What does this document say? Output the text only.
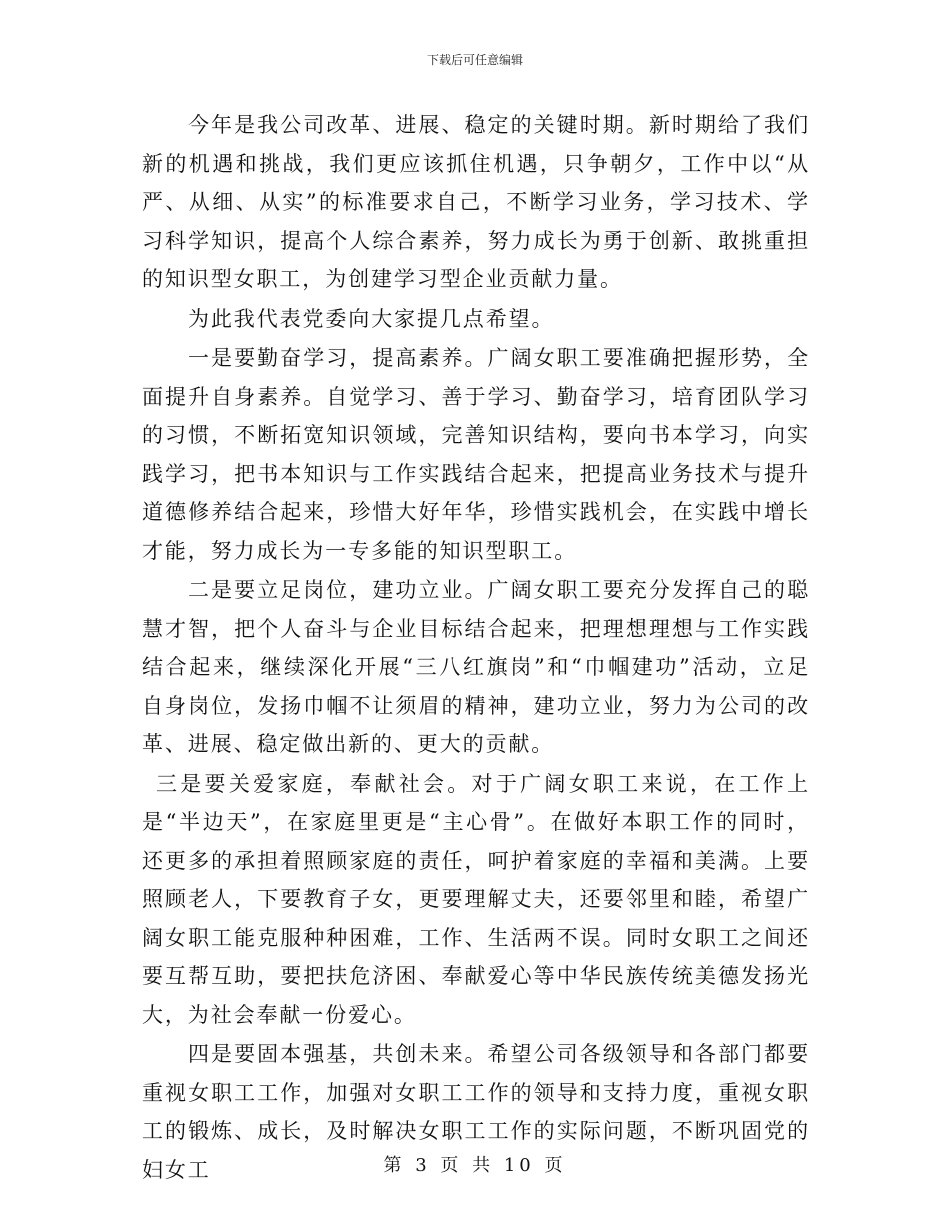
下载后可任意编辑

今年是我公司改革、进展、稳定的关键时期。新时期给了我们新的机遇和挑战，我们更应该抓住机遇，只争朝夕，工作中以“从严、从细、从实”的标准要求自己，不断学习业务，学习技术、学习科学知识，提高个人综合素养，努力成长为勇于创新、敢挑重担的知识型女职工，为创建学习型企业贡献力量。

为此我代表党委向大家提几点希望。

一是要勤奋学习，提高素养。广阔女职工要准确把握形势，全面提升自身素养。自觉学习、善于学习、勤奋学习，培育团队学习的习惯，不断拓宽知识领域，完善知识结构，要向书本学习，向实践学习，把书本知识与工作实践结合起来，把提高业务技术与提升道德修养结合起来，珍惜大好年华，珍惜实践机会，在实践中增长才能，努力成长为一专多能的知识型职工。

二是要立足岗位，建功立业。广阔女职工要充分发挥自己的聪慧才智，把个人奋斗与企业目标结合起来，把理想理想与工作实践结合起来，继续深化开展“三八红旗岗”和“巾帼建功”活动，立足自身岗位，发扬巾帼不让须眉的精神，建功立业，努力为公司的改革、进展、稳定做出新的、更大的贡献。

三是要关爱家庭，奉献社会。对于广阔女职工来说，在工作上是“半边天”，在家庭里更是“主心骨”。在做好本职工作的同时，还更多的承担着照顾家庭的责任，呵护着家庭的幸福和美满。上要照顾老人，下要教育子女，更要理解丈夫，还要邻里和睦，希望广阔女职工能克服种种困难，工作、生活两不误。同时女职工之间还要互帮互助，要把扶危济困、奉献爱心等中华民族传统美德发扬光大，为社会奉献一份爱心。

四是要固本强基，共创未来。希望公司各级领导和各部门都要重视女职工工作，加强对女职工工作的领导和支持力度，重视女职工的锻炼、成长，及时解决女职工工作的实际问题，不断巩固党的妇女工	第 3 页 共 10 页
